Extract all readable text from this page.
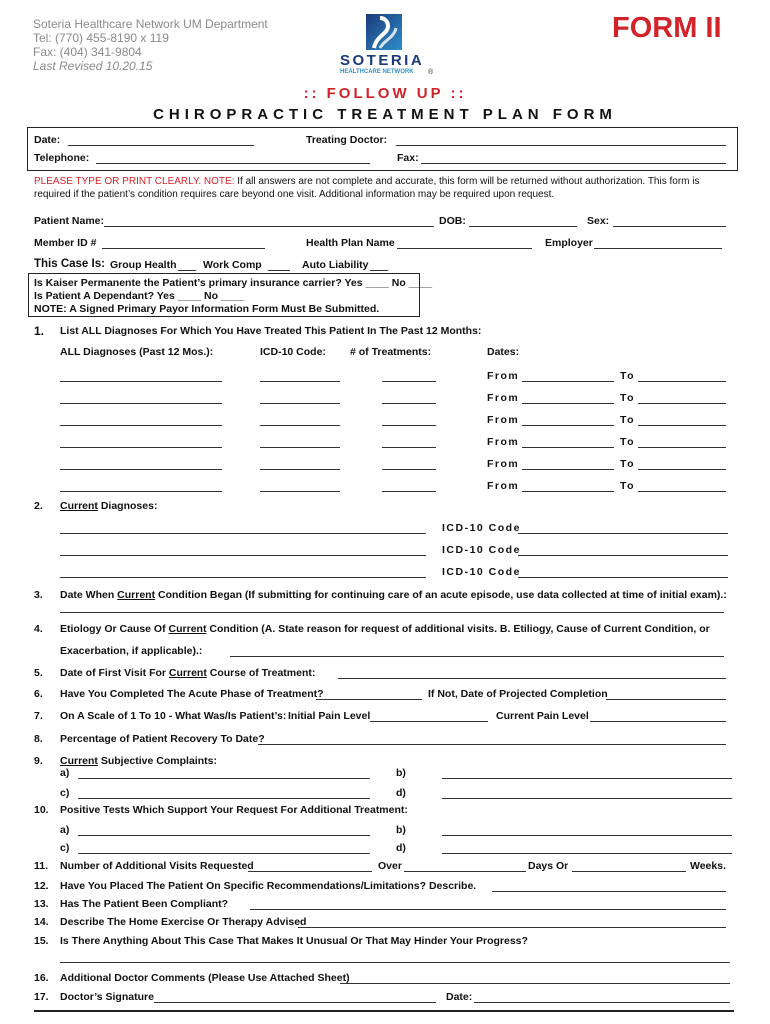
Soteria Healthcare Network UM Department
Tel: (770) 455-8190 x 119
Fax: (404) 341-9804
Last Revised 10.20.15	SOTERIA
HEALTHCARE NETWORK ®
FORM II
:: FOLLOW UP ::
CHIROPRACTIC TREATMENT PLAN FORM
Date:	Treating Doctor:
Telephone:	Fax:
PLEASE TYPE OR PRINT CLEARLY. NOTE: If all answers are not complete and accurate, this form will be returned without authorization. This form is
required if the patient’s condition requires care beyond one visit. Additional information may be required upon request.
Patient Name:	DOB:	Sex:
Member ID #	Health Plan Name	Employer
This Case Is: Group Health	Work Comp	Auto Liability
Is Kaiser Permanente the Patient’s primary insurance carrier? Yes ____ No ____
Is Patient A Dependant? Yes ____ No ____
NOTE: A Signed Primary Payor Information Form Must Be Submitted.
1. List ALL Diagnoses For Which You Have Treated This Patient In The Past 12 Months:
ALL Diagnoses (Past 12 Mos.):	ICD-10 Code: # of Treatments:	Dates:
From	To
From	To
From	To
From	To
From	To
From	To
2. Current Diagnoses:
ICD-10 Code
ICD-10 Code
ICD-10 Code
3. Date When Current Condition Began (If submitting for continuing care of an acute episode, use data collected at time of initial exam).:
4. Etiology Or Cause Of Current Condition (A. State reason for request of additional visits. B. Etiliogy, Cause of Current Condition, or
Exacerbation, if applicable).:
5. Date of First Visit For Current Course of Treatment:
6. Have You Completed The Acute Phase of Treatment?	If Not, Date of Projected Completion
7. On A Scale of 1 To 10 - What Was/Is Patient’s: Initial Pain Level	Current Pain Level
8. Percentage of Patient Recovery To Date?
9. Current Subjective Complaints:
a)	b)
c)	d)
10. Positive Tests Which Support Your Request For Additional Treatment:
a)	b)
c)	d)
11. Number of Additional Visits Requested	Over	Days Or	Weeks.
12. Have You Placed The Patient On Specific Recommendations/Limitations? Describe.
13. Has The Patient Been Compliant?
14. Describe The Home Exercise Or Therapy Advised
15. Is There Anything About This Case That Makes It Unusual Or That May Hinder Your Progress?
16. Additional Doctor Comments (Please Use Attached Sheet)
17. Doctor’s Signature	Date:
